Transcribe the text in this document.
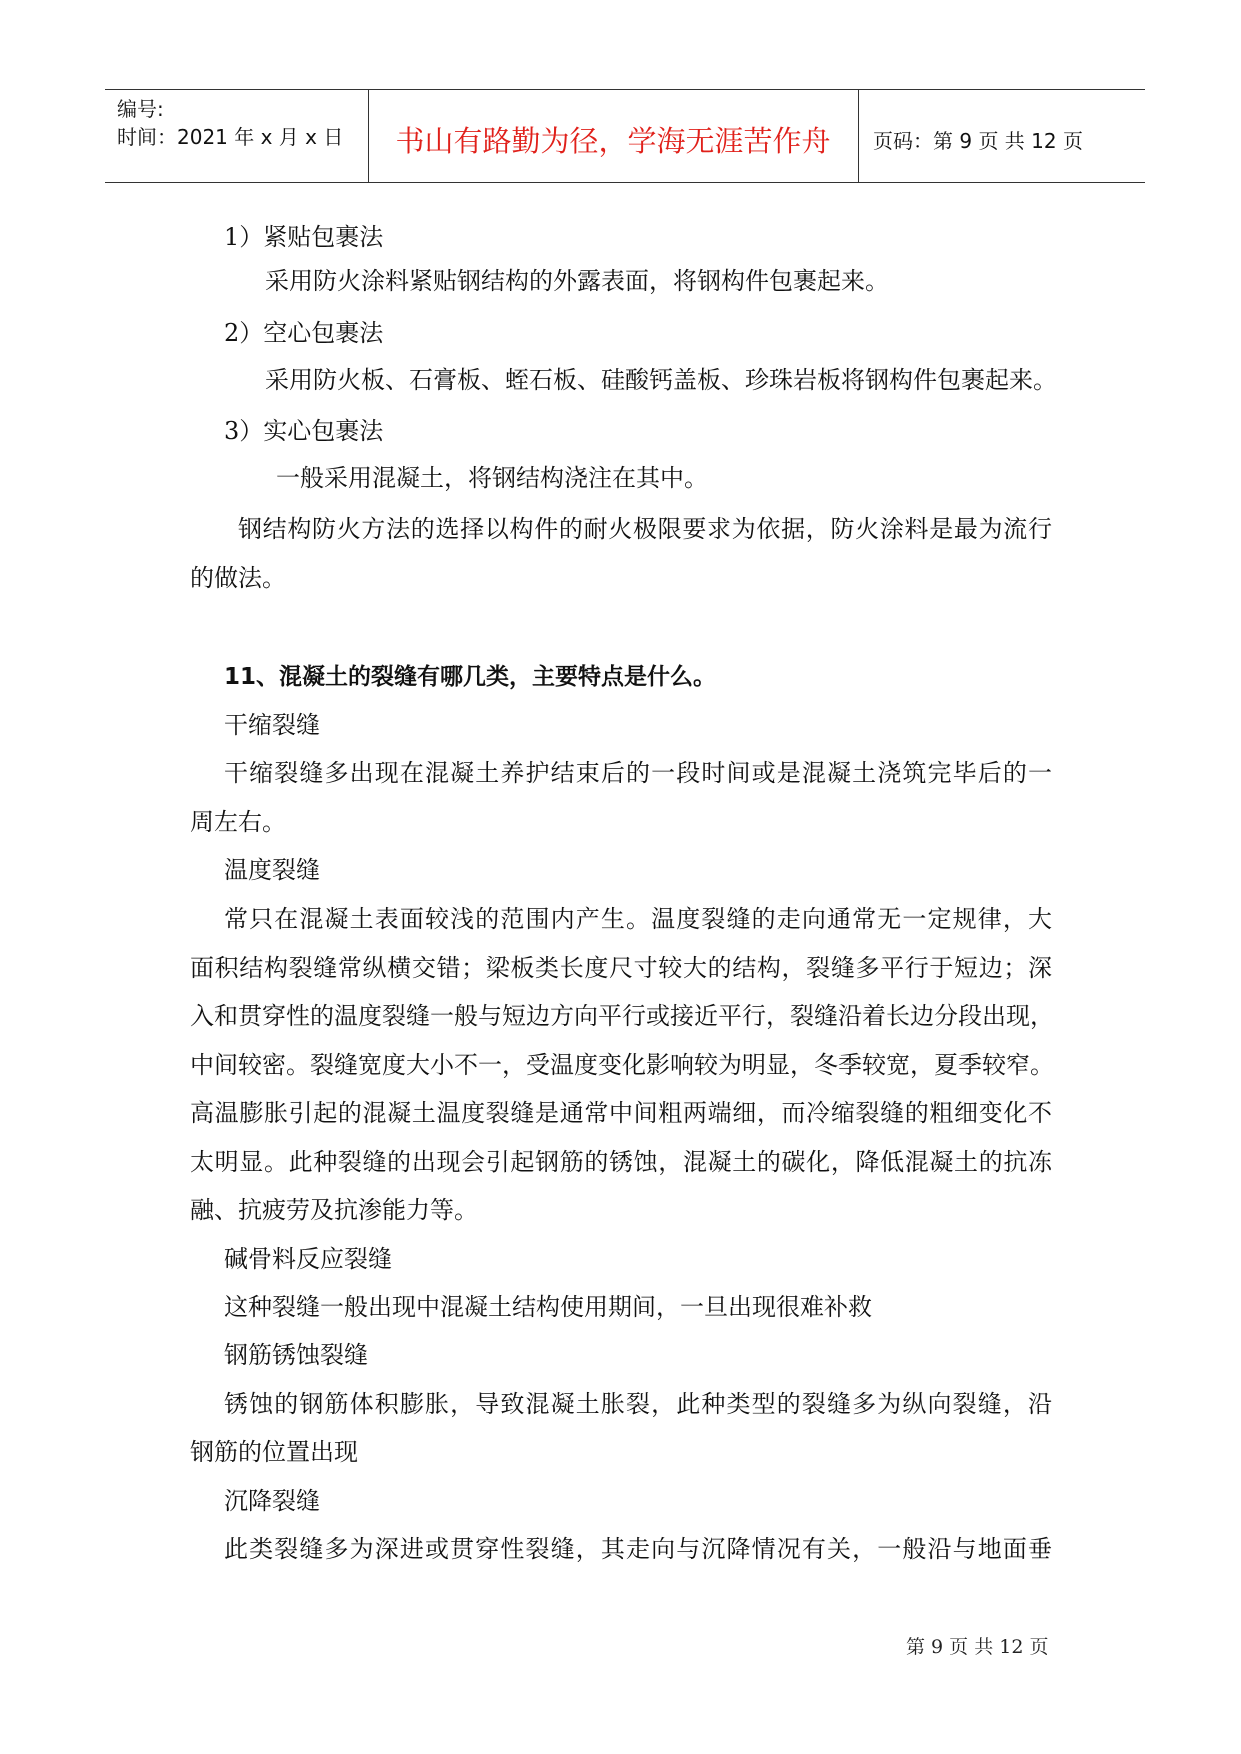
编号:
时间：2021 年 x 月 x 日	书山有路勤为径，学海无涯苦作舟	页码：第 9 页 共 12 页
1）紧贴包裹法
采用防火涂料紧贴钢结构的外露表面，将钢构件包裹起来。
2）空心包裹法
采用防火板、石膏板、蛭石板、硅酸钙盖板、珍珠岩板将钢构件包裹起来。
3）实心包裹法
一般采用混凝土，将钢结构浇注在其中。
钢结构防火方法的选择以构件的耐火极限要求为依据，防火涂料是最为流行
的做法。
11、混凝土的裂缝有哪几类，主要特点是什么。
干缩裂缝
干缩裂缝多出现在混凝土养护结束后的一段时间或是混凝土浇筑完毕后的一
周左右。
温度裂缝
常只在混凝土表面较浅的范围内产生。温度裂缝的走向通常无一定规律，大
面积结构裂缝常纵横交错；梁板类长度尺寸较大的结构，裂缝多平行于短边；深
入和贯穿性的温度裂缝一般与短边方向平行或接近平行，裂缝沿着长边分段出现，
中间较密。裂缝宽度大小不一，受温度变化影响较为明显，冬季较宽，夏季较窄。
高温膨胀引起的混凝土温度裂缝是通常中间粗两端细，而冷缩裂缝的粗细变化不
太明显。此种裂缝的出现会引起钢筋的锈蚀，混凝土的碳化，降低混凝土的抗冻
融、抗疲劳及抗渗能力等。
碱骨料反应裂缝
这种裂缝一般出现中混凝土结构使用期间，一旦出现很难补救
钢筋锈蚀裂缝
锈蚀的钢筋体积膨胀，导致混凝土胀裂，此种类型的裂缝多为纵向裂缝，沿
钢筋的位置出现
沉降裂缝
此类裂缝多为深进或贯穿性裂缝，其走向与沉降情况有关，一般沿与地面垂
第 9 页 共 12 页
